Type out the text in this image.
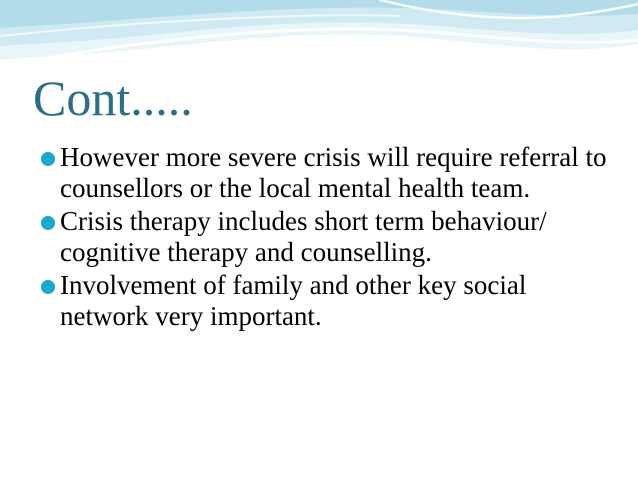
Cont.....
However more severe crisis will require referral to counsellors or the local mental health team.
Crisis therapy includes short term behaviour/ cognitive therapy and counselling.
Involvement of family and other key social network very important.
